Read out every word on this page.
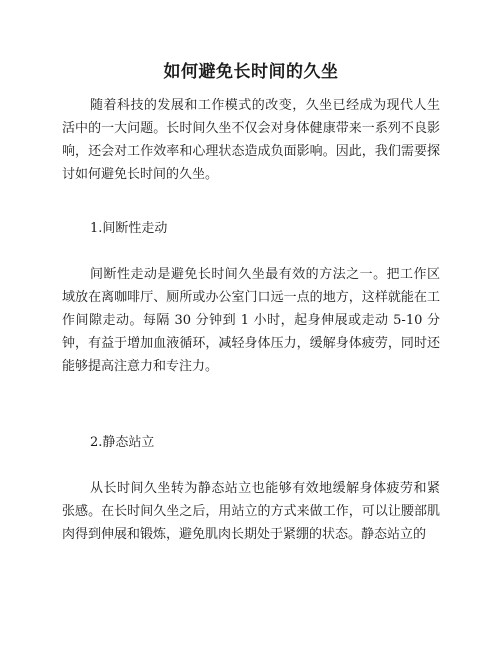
如何避免长时间的久坐

随着科技的发展和工作模式的改变，久坐已经成为现代人生活中的一大问题。长时间久坐不仅会对身体健康带来一系列不良影响，还会对工作效率和心理状态造成负面影响。因此，我们需要探讨如何避免长时间的久坐。

1.间断性走动

间断性走动是避免长时间久坐最有效的方法之一。把工作区域放在离咖啡厅、厕所或办公室门口远一点的地方，这样就能在工作间隙走动。每隔 30 分钟到 1 小时，起身伸展或走动 5-10 分钟，有益于增加血液循环，减轻身体压力，缓解身体疲劳，同时还能够提高注意力和专注力。

2.静态站立

从长时间久坐转为静态站立也能够有效地缓解身体疲劳和紧张感。在长时间久坐之后，用站立的方式来做工作，可以让腰部肌肉得到伸展和锻炼，避免肌肉长期处于紧绷的状态。静态站立的
